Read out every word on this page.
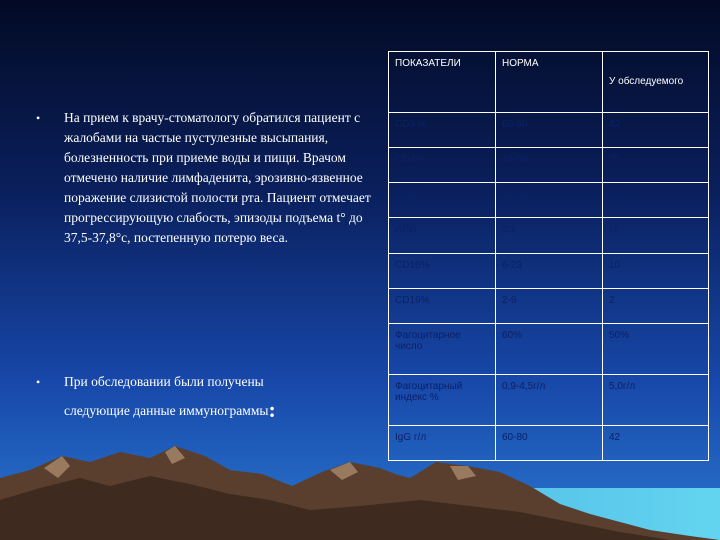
• На прием к врачу-стоматологу обратился пациент с жалобами на частые пустулезные высыпания, болезненность при приеме воды и пищи. Врачом отмечено наличие лимфаденита, эрозивно-язвенное поражение слизистой полости рта. Пациент отмечает прогрессирующую слабость, эпизоды подъема t° до 37,5-37,8°с, постепенную потерю веса.

• При обследовании были получены
следующие данные иммунограммы:

ПОКАЗАТЕЛИ	НОРМА	У обследуемого
CD3 %	60-80	42
CD4%	33-50	20
CD8 %	16-39	39
ИРИ	2/1	½
CD16%	6-23	10
CD19%	2-9	2
Фагоцитарное число	60%	50%
Фагоцитарный индекс %	0,9-4,5г/л	5,0г/л
IgG г/л	60-80	42
